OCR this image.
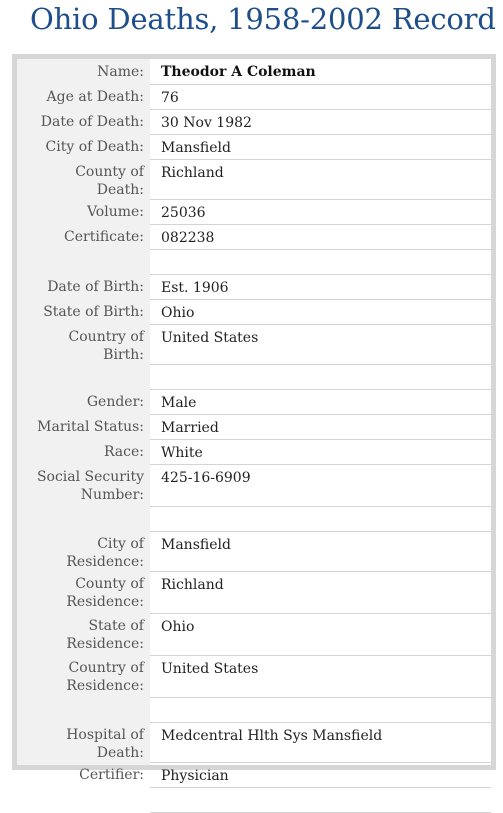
Ohio Deaths, 1958-2002 Record
Name:	Theodor A Coleman
Age at Death:	76
Date of Death:	30 Nov 1982
City of Death:	Mansfield
County of Death:	Richland
Volume:	25036
Certificate:	082238

Date of Birth:	Est. 1906
State of Birth:	Ohio
Country of Birth:	United States

Gender:	Male
Marital Status:	Married
Race:	White
Social Security Number:	425-16-6909

City of Residence:	Mansfield
County of Residence:	Richland
State of Residence:	Ohio
Country of Residence:	United States

Hospital of Death:	Medcentral Hlth Sys Mansfield
Certifier:	Physician
